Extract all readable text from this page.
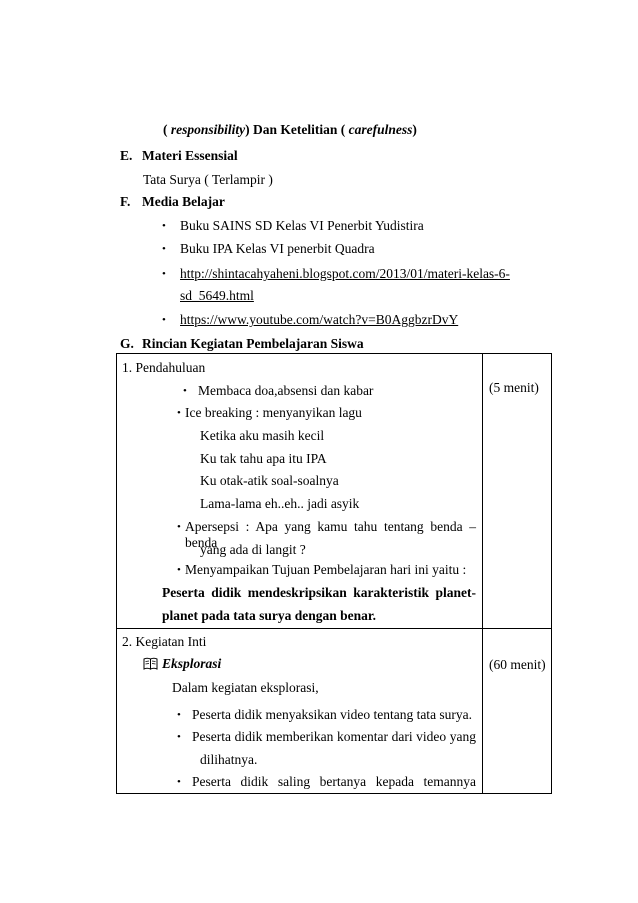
( responsibility) Dan Ketelitian ( carefulness)
E. Materi Essensial
Tata Surya ( Terlampir )
F. Media Belajar
• Buku SAINS SD Kelas VI Penerbit Yudistira
• Buku IPA Kelas VI penerbit Quadra
• http://shintacahyaheni.blogspot.com/2013/01/materi-kelas-6-
sd_5649.html
• https://www.youtube.com/watch?v=B0AggbzrDvY
G. Rincian Kegiatan Pembelajaran Siswa
1. Pendahuluan
(5 menit)
• Membaca doa,absensi dan kabar
• Ice breaking : menyanyikan lagu
Ketika aku masih kecil
Ku tak tahu apa itu IPA
Ku otak-atik soal-soalnya
Lama-lama eh..eh.. jadi asyik
• Apersepsi : Apa yang kamu tahu tentang benda –benda
yang ada di langit ?
• Menyampaikan Tujuan Pembelajaran hari ini yaitu :
Peserta didik mendeskripsikan karakteristik planet-
planet pada tata surya dengan benar.
2. Kegiatan Inti
(60 menit)
Eksplorasi
Dalam kegiatan eksplorasi,
• Peserta didik menyaksikan video tentang tata surya.
• Peserta didik memberikan komentar dari video yang
dilihatnya.
• Peserta didik saling bertanya kepada temannya
